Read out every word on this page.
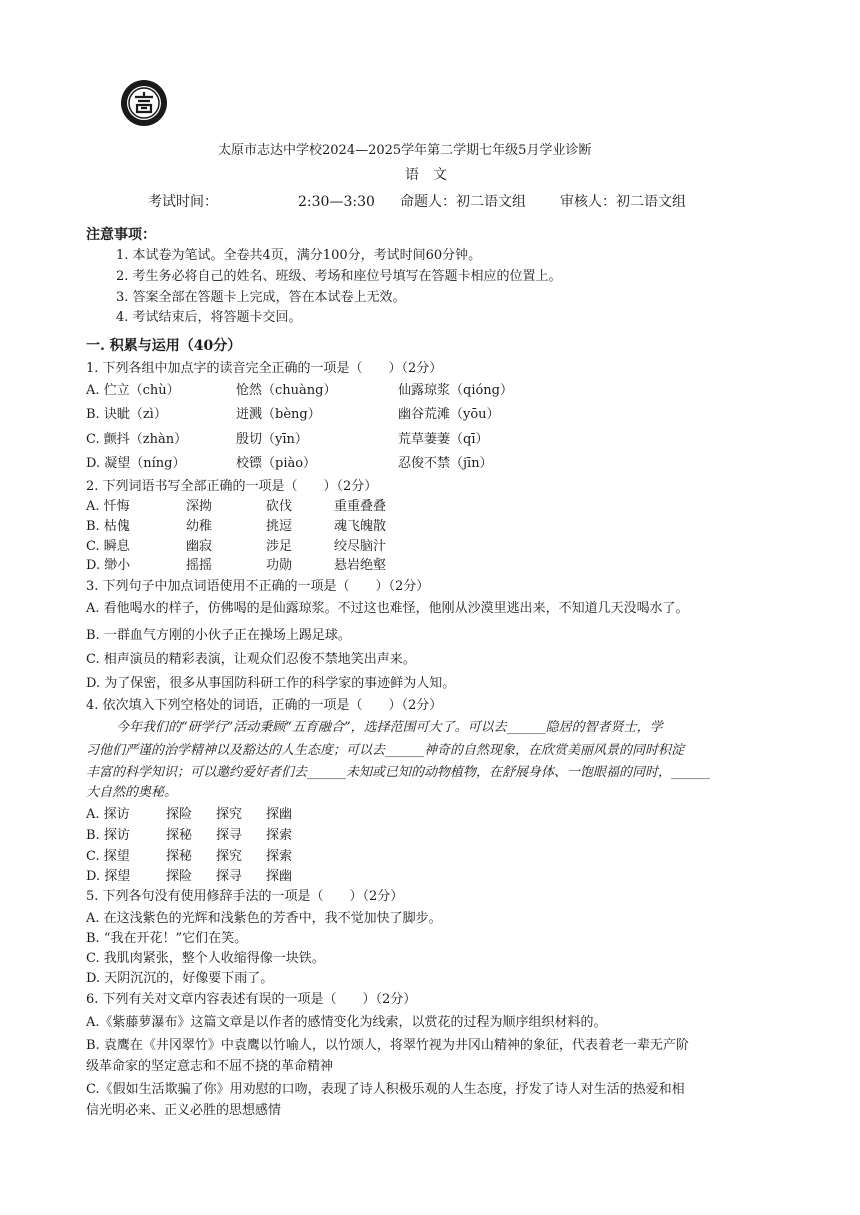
太原市志达中学校2024—2025学年第二学期七年级5月学业诊断
语　文
考试时间：	2:30—3:30 命题人：初二语文组 审核人：初二语文组
注意事项：
1. 本试卷为笔试。全卷共4页，满分100分，考试时间60分钟。
2. 考生务必将自己的姓名、班级、考场和座位号填写在答题卡相应的位置上。
3. 答案全部在答题卡上完成，答在本试卷上无效。
4. 考试结束后，将答题卡交回。
一. 积累与运用（40分）
1. 下列各组中加点字的读音完全正确的一项是（　　）（2分）
A. 伫立（chù）	怆然（chuàng）	仙露琼浆（qióng）
B. 诀眦（zì）	迸溅（bèng）	幽谷荒滩（yōu）
C. 颤抖（zhàn）	殷切（yīn）	荒草萋萋（qī）
D. 凝望（níng）	校镖（piào）	忍俊不禁（jīn）
2. 下列词语书写全部正确的一项是（　　）（2分）
A. 忏悔	深拗	砍伐	重重叠叠
B. 枯傀	幼稚	挑逗	魂飞魄散
C. 瞬息	幽寂	涉足	绞尽脑汁
D. 缈小	摇摇	功勋	悬岩绝壑
3. 下列句子中加点词语使用不正确的一项是（　　）（2分）
A. 看他喝水的样子，仿佛喝的是仙露琼浆。不过这也难怪，他刚从沙漠里逃出来，不知道几天没喝水了。
B. 一群血气方刚的小伙子正在操场上踢足球。
C. 相声演员的精彩表演，让观众们忍俊不禁地笑出声来。
D. 为了保密，很多从事国防科研工作的科学家的事迹鲜为人知。
4. 依次填入下列空格处的词语，正确的一项是（　　）（2分）
今年我们的“研学行”活动秉顾“五育融合”，选择范围可大了。可以去______隐居的智者贤士，学
习他们严谨的治学精神以及豁达的人生态度；可以去______神奇的自然现象，在欣赏美丽风景的同时积淀
丰富的科学知识；可以邀约爱好者们去______未知或已知的动物植物，在舒展身体、一饱眼福的同时，______
大自然的奥秘。
A. 探访	探险 探究 探幽
B. 探访	探秘 探寻 探索
C. 探望	探秘 探究 探索
D. 探望	探险 探寻 探幽
5. 下列各句没有使用修辞手法的一项是（　　）（2分）
A. 在这浅紫色的光辉和浅紫色的芳香中，我不觉加快了脚步。
B. “我在开花！”它们在笑。
C. 我肌肉紧张，整个人收缩得像一块铁。
D. 天阴沉沉的，好像要下雨了。
6. 下列有关对文章内容表述有误的一项是（　　）（2分）
A.《紫藤萝瀑布》这篇文章是以作者的感情变化为线索，以赏花的过程为顺序组织材料的。
B. 袁鹰在《井冈翠竹》中袁鹰以竹喻人，以竹颂人，将翠竹视为井冈山精神的象征，代表着老一辈无产阶
级革命家的坚定意志和不屈不挠的革命精神
C.《假如生活欺骗了你》用劝慰的口吻，表现了诗人积极乐观的人生态度，抒发了诗人对生活的热爱和相
信光明必来、正义必胜的思想感情
